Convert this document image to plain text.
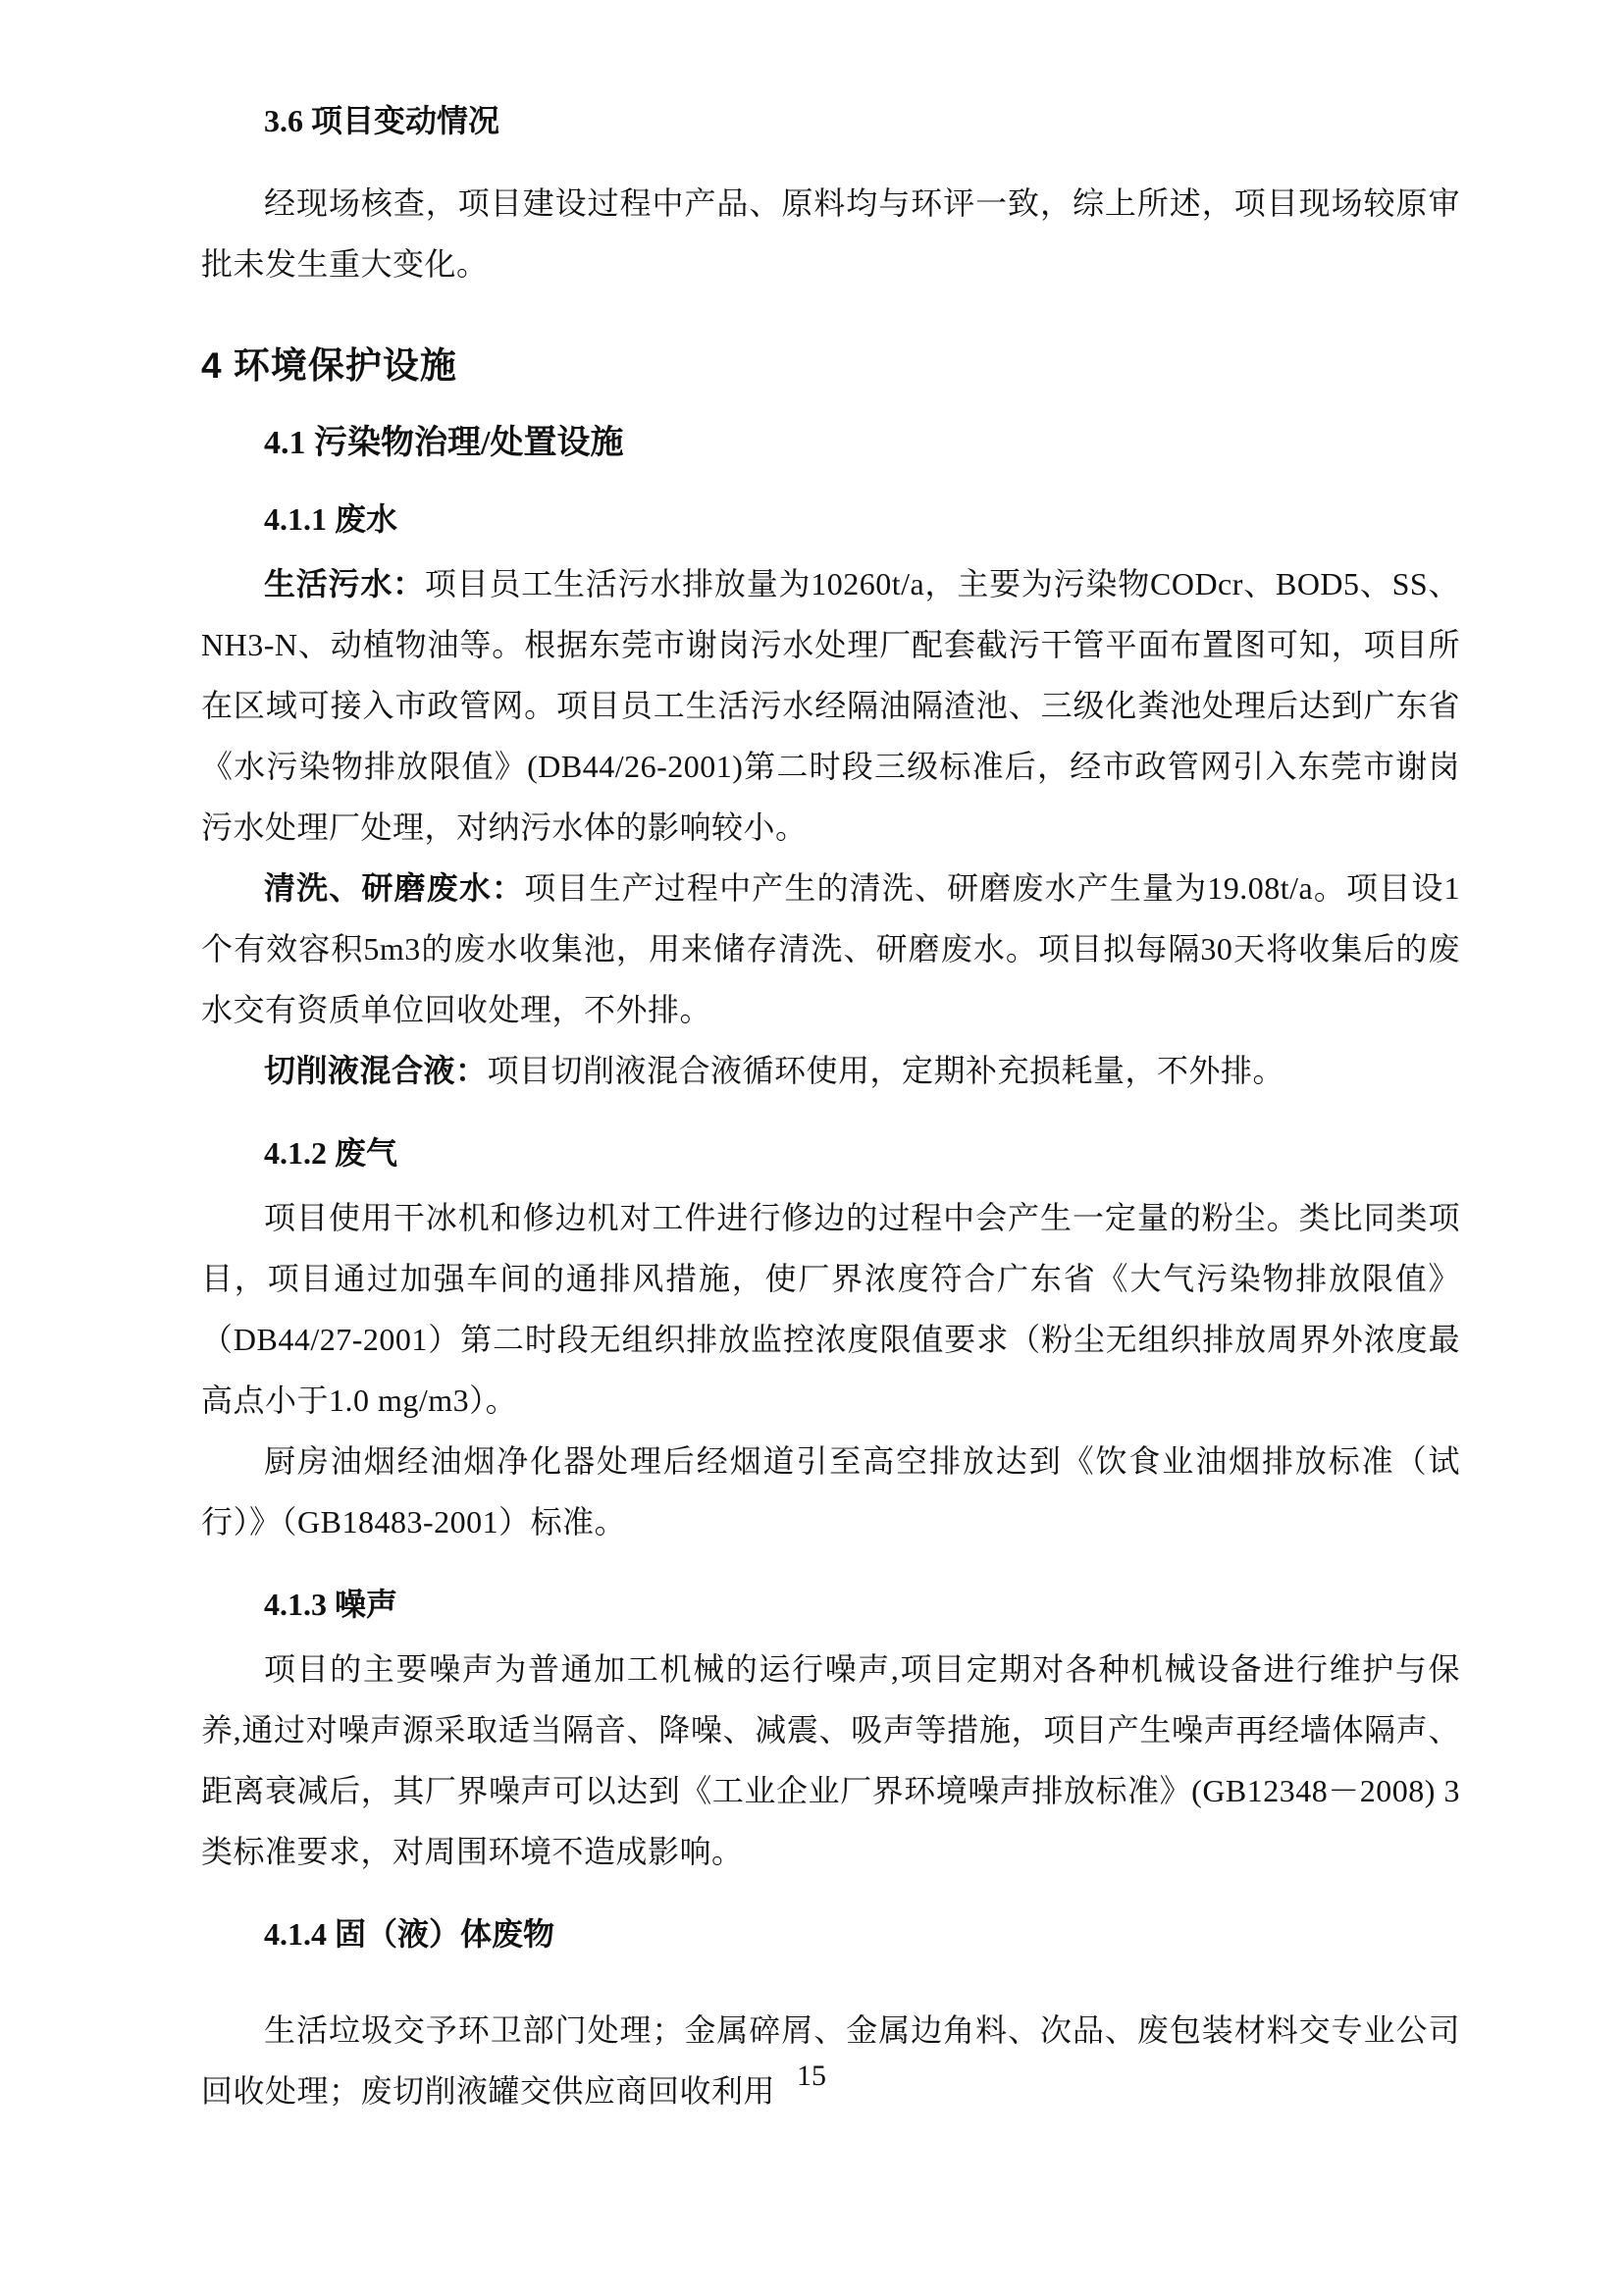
3.6 项目变动情况

经现场核查，项目建设过程中产品、原料均与环评一致，综上所述，项目现场较原审批未发生重大变化。

4 环境保护设施
4.1 污染物治理/处置设施
4.1.1 废水

生活污水：项目员工生活污水排放量为10260t/a，主要为污染物CODcr、BOD5、SS、NH3-N、动植物油等。根据东莞市谢岗污水处理厂配套截污干管平面布置图可知，项目所在区域可接入市政管网。项目员工生活污水经隔油隔渣池、三级化粪池处理后达到广东省《水污染物排放限值》(DB44/26-2001)第二时段三级标准后，经市政管网引入东莞市谢岗污水处理厂处理，对纳污水体的影响较小。

清洗、研磨废水：项目生产过程中产生的清洗、研磨废水产生量为19.08t/a。项目设1个有效容积5m3的废水收集池，用来储存清洗、研磨废水。项目拟每隔30天将收集后的废水交有资质单位回收处理，不外排。

切削液混合液：项目切削液混合液循环使用，定期补充损耗量，不外排。

4.1.2 废气

项目使用干冰机和修边机对工件进行修边的过程中会产生一定量的粉尘。类比同类项目，项目通过加强车间的通排风措施，使厂界浓度符合广东省《大气污染物排放限值》（DB44/27-2001）第二时段无组织排放监控浓度限值要求（粉尘无组织排放周界外浓度最高点小于1.0 mg/m3）。

厨房油烟经油烟净化器处理后经烟道引至高空排放达到《饮食业油烟排放标准（试行）》（GB18483-2001）标准。

4.1.3 噪声

项目的主要噪声为普通加工机械的运行噪声,项目定期对各种机械设备进行维护与保养,通过对噪声源采取适当隔音、降噪、减震、吸声等措施，项目产生噪声再经墙体隔声、距离衰减后，其厂界噪声可以达到《工业企业厂界环境噪声排放标准》(GB12348－2008) 3类标准要求，对周围环境不造成影响。

4.1.4 固（液）体废物

生活垃圾交予环卫部门处理；金属碎屑、金属边角料、次品、废包装材料交专业公司回收处理；废切削液罐交供应商回收利用 15
